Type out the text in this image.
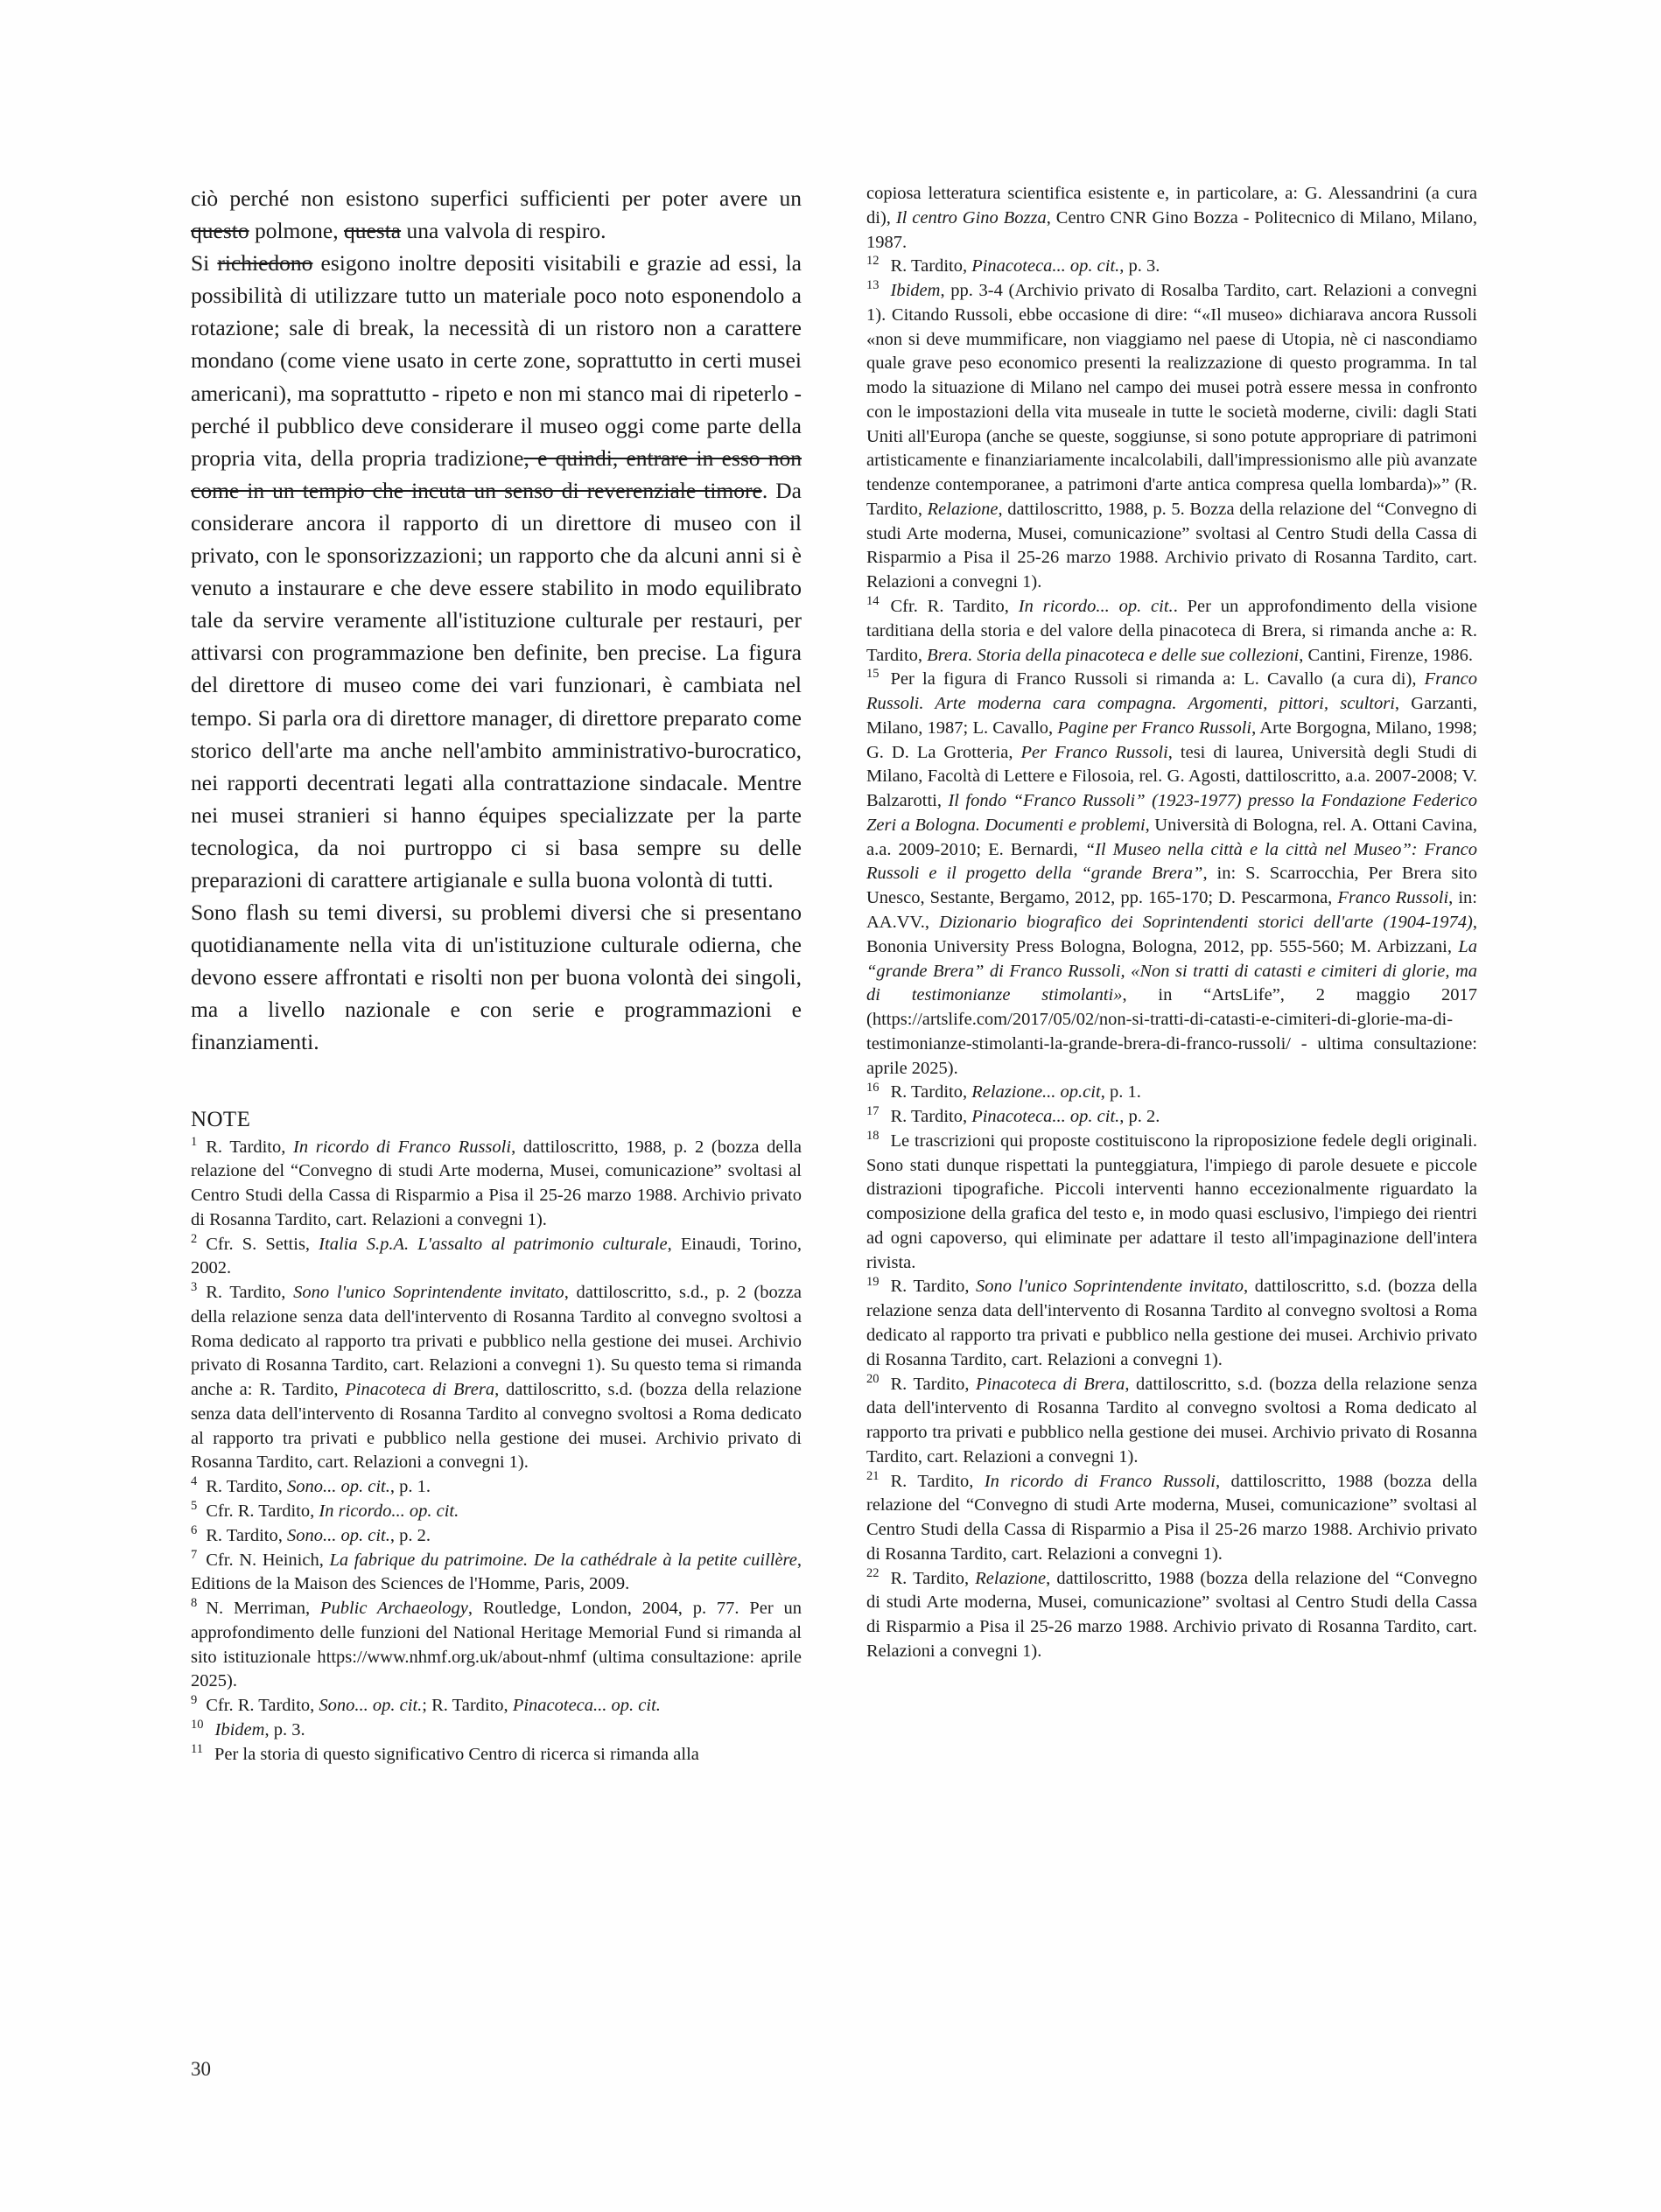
ciò perché non esistono superfici sufficienti per poter avere un questo polmone, questa una valvola di respiro.

Si richiedono esigono inoltre depositi visitabili e grazie ad essi, la possibilità di utilizzare tutto un materiale poco noto esponendolo a rotazione; sale di break, la necessità di un ristoro non a carattere mondano (come viene usato in certe zone, soprattutto in certi musei americani), ma soprattutto - ripeto e non mi stanco mai di ripeterlo - perché il pubblico deve considerare il museo oggi come parte della propria vita, della propria tradizione, e quindi, entrare in esso non come in un tempio che incuta un senso di reverenziale timore. Da considerare ancora il rapporto di un direttore di museo con il privato, con le sponsorizzazioni; un rapporto che da alcuni anni si è venuto a instaurare e che deve essere stabilito in modo equilibrato tale da servire veramente all'istituzione culturale per restauri, per attivarsi con programmazione ben definite, ben precise. La figura del direttore di museo come dei vari funzionari, è cambiata nel tempo. Si parla ora di direttore manager, di direttore preparato come storico dell'arte ma anche nell'ambito amministrativo-burocratico, nei rapporti decentrati legati alla contrattazione sindacale. Mentre nei musei stranieri si hanno équipes specializzate per la parte tecnologica, da noi purtroppo ci si basa sempre su delle preparazioni di carattere artigianale e sulla buona volontà di tutti.

Sono flash su temi diversi, su problemi diversi che si presentano quotidianamente nella vita di un'istituzione culturale odierna, che devono essere affrontati e risolti non per buona volontà dei singoli, ma a livello nazionale e con serie e programmazioni e finanziamenti.

NOTE

$^1$ R. Tardito, In ricordo di Franco Russoli, dattiloscritto, 1988, p. 2 (bozza della relazione del “Convegno di studi Arte moderna, Musei, comunicazione” svoltasi al Centro Studi della Cassa di Risparmio a Pisa il 25-26 marzo 1988. Archivio privato di Rosanna Tardito, cart. Relazioni a convegni 1).

$^2$ Cfr. S. Settis, Italia S.p.A. L'assalto al patrimonio culturale, Einaudi, Torino, 2002.

$^3$ R. Tardito, Sono l'unico Soprintendente invitato, dattiloscritto, s.d., p. 2 (bozza della relazione senza data dell'intervento di Rosanna Tardito al convegno svoltosi a Roma dedicato al rapporto tra privati e pubblico nella gestione dei musei. Archivio privato di Rosanna Tardito, cart. Relazioni a convegni 1). Su questo tema si rimanda anche a: R. Tardito, Pinacoteca di Brera, dattiloscritto, s.d. (bozza della relazione senza data dell'intervento di Rosanna Tardito al convegno svoltosi a Roma dedicato al rapporto tra privati e pubblico nella gestione dei musei. Archivio privato di Rosanna Tardito, cart. Relazioni a convegni 1).

$^4$ R. Tardito, Sono... op. cit., p. 1.

$^5$ Cfr. R. Tardito, In ricordo... op. cit.

$^6$ R. Tardito, Sono... op. cit., p. 2.

$^7$ Cfr. N. Heinich, La fabrique du patrimoine. De la cathédrale à la petite cuillère, Editions de la Maison des Sciences de l'Homme, Paris, 2009.

$^8$ N. Merriman, Public Archaeology, Routledge, London, 2004, p. 77. Per un approfondimento delle funzioni del National Heritage Memorial Fund si rimanda al sito istituzionale https://www.nhmf.org.uk/about-nhmf (ultima consultazione: aprile 2025).

$^9$ Cfr. R. Tardito, Sono... op. cit.; R. Tardito, Pinacoteca... op. cit.

$^{10}$ Ibidem, p. 3.

$^{11}$ Per la storia di questo significativo Centro di ricerca si rimanda alla

copiosa letteratura scientifica esistente e, in particolare, a: G. Alessandrini (a cura di), Il centro Gino Bozza, Centro CNR Gino Bozza - Politecnico di Milano, Milano, 1987.

$^{12}$ R. Tardito, Pinacoteca... op. cit., p. 3.

$^{13}$ Ibidem, pp. 3-4 (Archivio privato di Rosalba Tardito, cart. Relazioni a convegni 1). Citando Russoli, ebbe occasione di dire: “«Il museo» dichiarava ancora Russoli «non si deve mummificare, non viaggiamo nel paese di Utopia, nè ci nascondiamo quale grave peso economico presenti la realizzazione di questo programma. In tal modo la situazione di Milano nel campo dei musei potrà essere messa in confronto con le impostazioni della vita museale in tutte le società moderne, civili: dagli Stati Uniti all'Europa (anche se queste, soggiunse, si sono potute appropriare di patrimoni artisticamente e finanziariamente incalcolabili, dall'impressionismo alle più avanzate tendenze contemporanee, a patrimoni d'arte antica compresa quella lombarda)»” (R. Tardito, Relazione, dattiloscritto, 1988, p. 5. Bozza della relazione del “Convegno di studi Arte moderna, Musei, comunicazione” svoltasi al Centro Studi della Cassa di Risparmio a Pisa il 25-26 marzo 1988. Archivio privato di Rosanna Tardito, cart. Relazioni a convegni 1).

$^{14}$ Cfr. R. Tardito, In ricordo... op. cit.. Per un approfondimento della visione tarditiana della storia e del valore della pinacoteca di Brera, si rimanda anche a: R. Tardito, Brera. Storia della pinacoteca e delle sue collezioni, Cantini, Firenze, 1986.

$^{15}$ Per la figura di Franco Russoli si rimanda a: L. Cavallo (a cura di), Franco Russoli. Arte moderna cara compagna. Argomenti, pittori, scultori, Garzanti, Milano, 1987; L. Cavallo, Pagine per Franco Russoli, Arte Borgogna, Milano, 1998; G. D. La Grotteria, Per Franco Russoli, tesi di laurea, Università degli Studi di Milano, Facoltà di Lettere e Filosoia, rel. G. Agosti, dattiloscritto, a.a. 2007-2008; V. Balzarotti, Il fondo “Franco Russoli” (1923-1977) presso la Fondazione Federico Zeri a Bologna. Documenti e problemi, Università di Bologna, rel. A. Ottani Cavina, a.a. 2009-2010; E. Bernardi, “Il Museo nella città e la città nel Museo”: Franco Russoli e il progetto della “grande Brera”, in: S. Scarrocchia, Per Brera sito Unesco, Sestante, Bergamo, 2012, pp. 165-170; D. Pescarmona, Franco Russoli, in: AA.VV., Dizionario biografico dei Soprintendenti storici dell'arte (1904-1974), Bononia University Press Bologna, Bologna, 2012, pp. 555-560; M. Arbizzani, La “grande Brera” di Franco Russoli, «Non si tratti di catasti e cimiteri di glorie, ma di testimonianze stimolanti», in “ArtsLife”, 2 maggio 2017 (https://artslife.com/2017/05/02/non-si-tratti-di-catasti-e-cimiteri-di-glorie-ma-di-testimonianze-stimolanti-la-grande-brera-di-franco-russoli/ - ultima consultazione: aprile 2025).

$^{16}$ R. Tardito, Relazione... op.cit, p. 1.

$^{17}$ R. Tardito, Pinacoteca... op. cit., p. 2.

$^{18}$ Le trascrizioni qui proposte costituiscono la riproposizione fedele degli originali. Sono stati dunque rispettati la punteggiatura, l'impiego di parole desuete e piccole distrazioni tipografiche. Piccoli interventi hanno eccezionalmente riguardato la composizione della grafica del testo e, in modo quasi esclusivo, l'impiego dei rientri ad ogni capoverso, qui eliminate per adattare il testo all'impaginazione dell'intera rivista.

$^{19}$ R. Tardito, Sono l'unico Soprintendente invitato, dattiloscritto, s.d. (bozza della relazione senza data dell'intervento di Rosanna Tardito al convegno svoltosi a Roma dedicato al rapporto tra privati e pubblico nella gestione dei musei. Archivio privato di Rosanna Tardito, cart. Relazioni a convegni 1).

$^{20}$ R. Tardito, Pinacoteca di Brera, dattiloscritto, s.d. (bozza della relazione senza data dell'intervento di Rosanna Tardito al convegno svoltosi a Roma dedicato al rapporto tra privati e pubblico nella gestione dei musei. Archivio privato di Rosanna Tardito, cart. Relazioni a convegni 1).

$^{21}$ R. Tardito, In ricordo di Franco Russoli, dattiloscritto, 1988 (bozza della relazione del “Convegno di studi Arte moderna, Musei, comunicazione” svoltasi al Centro Studi della Cassa di Risparmio a Pisa il 25-26 marzo 1988. Archivio privato di Rosanna Tardito, cart. Relazioni a convegni 1).

$^{22}$ R. Tardito, Relazione, dattiloscritto, 1988 (bozza della relazione del “Convegno di studi Arte moderna, Musei, comunicazione” svoltasi al Centro Studi della Cassa di Risparmio a Pisa il 25-26 marzo 1988. Archivio privato di Rosanna Tardito, cart. Relazioni a convegni 1).

30
